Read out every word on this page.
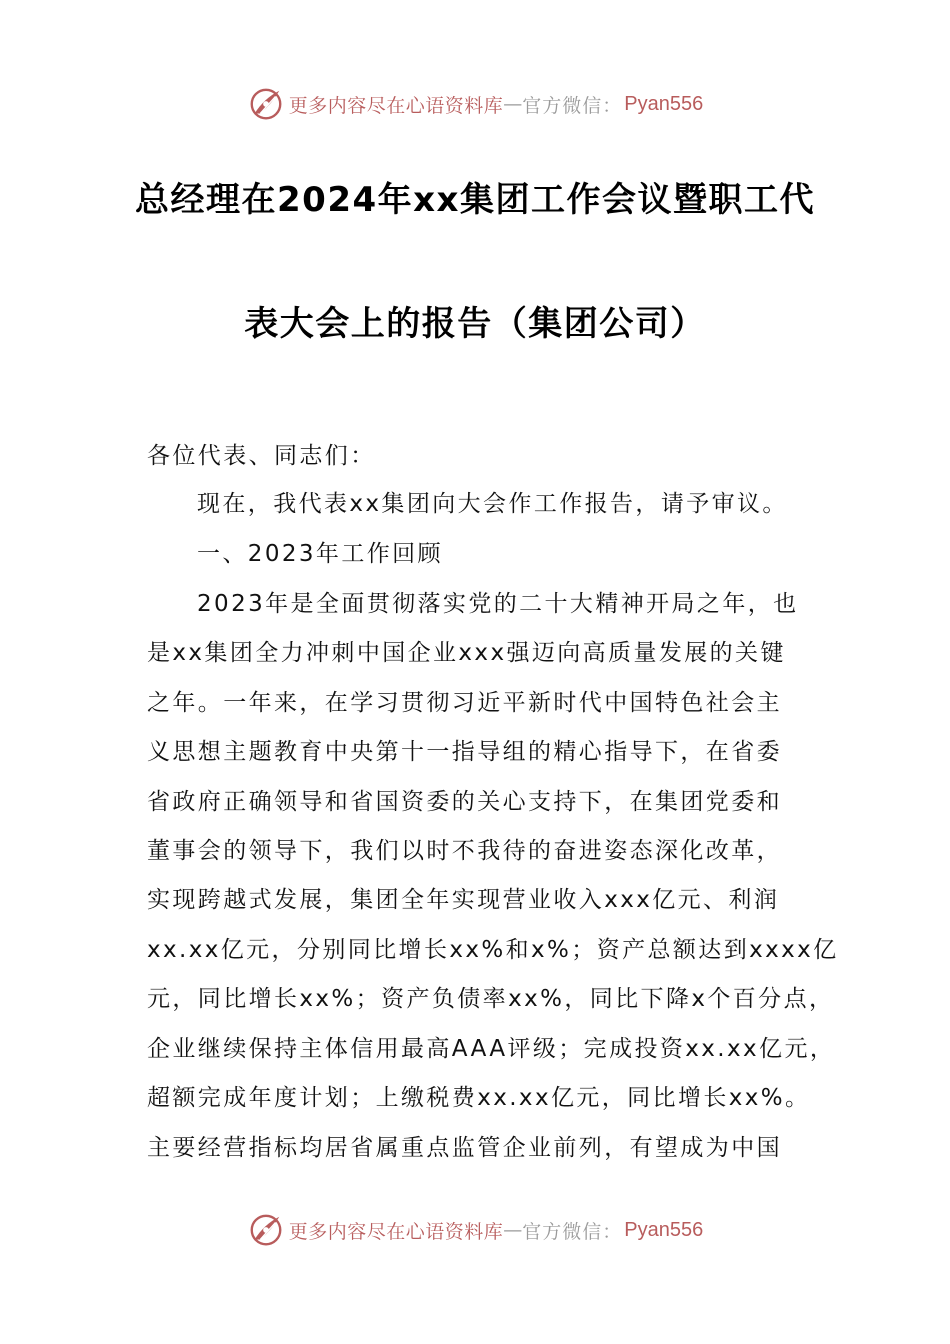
更多内容尽在心语资料库 — 官方微信： Pyan556
总经理在2024年xx集团工作会议暨职工代
表大会上的报告（集团公司）
各位代表、同志们：
现在，我代表xx集团向大会作工作报告，请予审议。
一、2023年工作回顾
2023年是全面贯彻落实党的二十大精神开局之年，也
是xx集团全力冲刺中国企业xxx强迈向高质量发展的关键
之年。一年来，在学习贯彻习近平新时代中国特色社会主
义思想主题教育中央第十一指导组的精心指导下，在省委
省政府正确领导和省国资委的关心支持下，在集团党委和
董事会的领导下，我们以时不我待的奋进姿态深化改革，
实现跨越式发展，集团全年实现营业收入xxx亿元、利润
xx.xx亿元，分别同比增长xx%和x%；资产总额达到xxxx亿
元，同比增长xx%；资产负债率xx%，同比下降x个百分点，
企业继续保持主体信用最高AAA评级；完成投资xx.xx亿元，
超额完成年度计划；上缴税费xx.xx亿元，同比增长xx%。
主要经营指标均居省属重点监管企业前列，有望成为中国
更多内容尽在心语资料库 — 官方微信： Pyan556
